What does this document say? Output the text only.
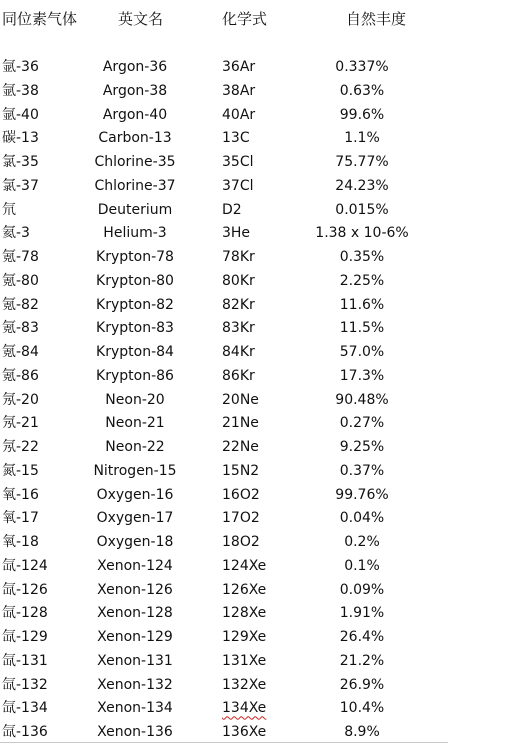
同位素气体	英文名	化学式	自然丰度
氩-36	Argon-36	36Ar	0.337%
氩-38	Argon-38	38Ar	0.63%
氩-40	Argon-40	40Ar	99.6%
碳-13	Carbon-13	13C	1.1%
氯-35	Chlorine-35	35Cl	75.77%
氯-37	Chlorine-37	37Cl	24.23%
氘	Deuterium	D2	0.015%
氦-3	Helium-3	3He	1.38 x 10-6%
氪-78	Krypton-78	78Kr	0.35%
氪-80	Krypton-80	80Kr	2.25%
氪-82	Krypton-82	82Kr	11.6%
氪-83	Krypton-83	83Kr	11.5%
氪-84	Krypton-84	84Kr	57.0%
氪-86	Krypton-86	86Kr	17.3%
氖-20	Neon-20	20Ne	90.48%
氖-21	Neon-21	21Ne	0.27%
氖-22	Neon-22	22Ne	9.25%
氮-15	Nitrogen-15	15N2	0.37%
氧-16	Oxygen-16	16O2	99.76%
氧-17	Oxygen-17	17O2	0.04%
氧-18	Oxygen-18	18O2	0.2%
氙-124	Xenon-124	124Xe	0.1%
氙-126	Xenon-126	126Xe	0.09%
氙-128	Xenon-128	128Xe	1.91%
氙-129	Xenon-129	129Xe	26.4%
氙-131	Xenon-131	131Xe	21.2%
氙-132	Xenon-132	132Xe	26.9%
氙-134	Xenon-134	134Xe	10.4%
氙-136	Xenon-136	136Xe	8.9%
